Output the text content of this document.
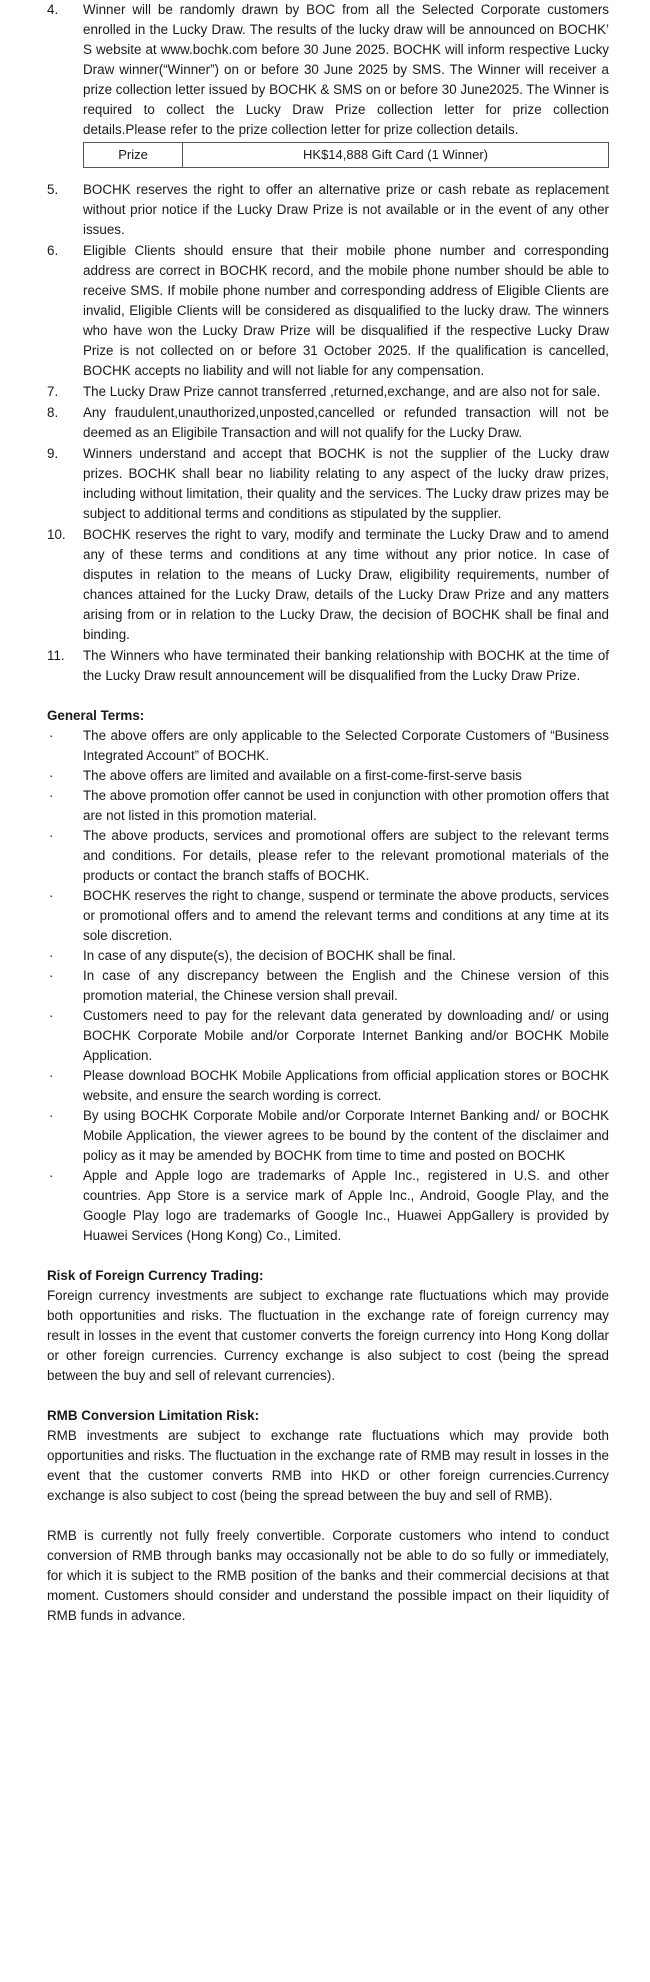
4.	Winner will be randomly drawn by BOC from all the Selected Corporate customers enrolled in the Lucky Draw. The results of the lucky draw will be announced on BOCHK’ S website at www.bochk.com before 30 June 2025. BOCHK will inform respective Lucky Draw winner(“Winner”) on or before 30 June 2025 by SMS. The Winner will receiver a prize collection letter issued by BOCHK & SMS on or before 30 June2025. The Winner is required to collect the Lucky Draw Prize collection letter for prize collection details.Please refer to the prize collection letter for prize collection details.
Prize	HK$14,888 Gift Card (1 Winner)
5.	BOCHK reserves the right to offer an alternative prize or cash rebate as replacement without prior notice if the Lucky Draw Prize is not available or in the event of any other issues.
6.	Eligible Clients should ensure that their mobile phone number and corresponding address are correct in BOCHK record, and the mobile phone number should be able to receive SMS. If mobile phone number and corresponding address of Eligible Clients are invalid, Eligible Clients will be considered as disqualified to the lucky draw. The winners who have won the Lucky Draw Prize will be disqualified if the respective Lucky Draw Prize is not collected on or before 31 October 2025. If the qualification is cancelled, BOCHK accepts no liability and will not liable for any compensation.
7.	The Lucky Draw Prize cannot transferred ,returned,exchange, and are also not for sale.
8.	Any fraudulent,unauthorized,unposted,cancelled or refunded transaction will not be deemed as an Eligibile Transaction and will not qualify for the Lucky Draw.
9.	Winners understand and accept that BOCHK is not the supplier of the Lucky draw prizes. BOCHK shall bear no liability relating to any aspect of the lucky draw prizes, including without limitation, their quality and the services. The Lucky draw prizes may be subject to additional terms and conditions as stipulated by the supplier.
10.	BOCHK reserves the right to vary, modify and terminate the Lucky Draw and to amend any of these terms and conditions at any time without any prior notice. In case of disputes in relation to the means of Lucky Draw, eligibility requirements, number of chances attained for the Lucky Draw, details of the Lucky Draw Prize and any matters arising from or in relation to the Lucky Draw, the decision of BOCHK shall be final and binding.
11.	The Winners who have terminated their banking relationship with BOCHK at the time of the Lucky Draw result announcement will be disqualified from the Lucky Draw Prize.
General Terms:
·	The above offers are only applicable to the Selected Corporate Customers of “Business Integrated Account” of BOCHK.
·	The above offers are limited and available on a first-come-first-serve basis
·	The above promotion offer cannot be used in conjunction with other promotion offers that are not listed in this promotion material.
·	The above products, services and promotional offers are subject to the relevant terms and conditions. For details, please refer to the relevant promotional materials of the products or contact the branch staffs of BOCHK.
·	BOCHK reserves the right to change, suspend or terminate the above products, services or promotional offers and to amend the relevant terms and conditions at any time at its sole discretion.
·	In case of any dispute(s), the decision of BOCHK shall be final.
·	In case of any discrepancy between the English and the Chinese version of this promotion material, the Chinese version shall prevail.
·	Customers need to pay for the relevant data generated by downloading and/ or using BOCHK Corporate Mobile and/or Corporate Internet Banking and/or BOCHK Mobile Application.
·	Please download BOCHK Mobile Applications from official application stores or BOCHK website, and ensure the search wording is correct.
·	By using BOCHK Corporate Mobile and/or Corporate Internet Banking and/ or BOCHK Mobile Application, the viewer agrees to be bound by the content of the disclaimer and policy as it may be amended by BOCHK from time to time and posted on BOCHK
·	Apple and Apple logo are trademarks of Apple Inc., registered in U.S. and other countries. App Store is a service mark of Apple Inc., Android, Google Play, and the Google Play logo are trademarks of Google Inc., Huawei AppGallery is provided by Huawei Services (Hong Kong) Co., Limited.
Risk of Foreign Currency Trading:

Foreign currency investments are subject to exchange rate fluctuations which may provide both opportunities and risks. The fluctuation in the exchange rate of foreign currency may result in losses in the event that customer converts the foreign currency into Hong Kong dollar or other foreign currencies. Currency exchange is also subject to cost (being the spread between the buy and sell of relevant currencies).

RMB Conversion Limitation Risk:

RMB investments are subject to exchange rate fluctuations which may provide both opportunities and risks. The fluctuation in the exchange rate of RMB may result in losses in the event that the customer converts RMB into HKD or other foreign currencies.Currency exchange is also subject to cost (being the spread between the buy and sell of RMB).

RMB is currently not fully freely convertible. Corporate customers who intend to conduct conversion of RMB through banks may occasionally not be able to do so fully or immediately, for which it is subject to the RMB position of the banks and their commercial decisions at that moment. Customers should consider and understand the possible impact on their liquidity of RMB funds in advance.
